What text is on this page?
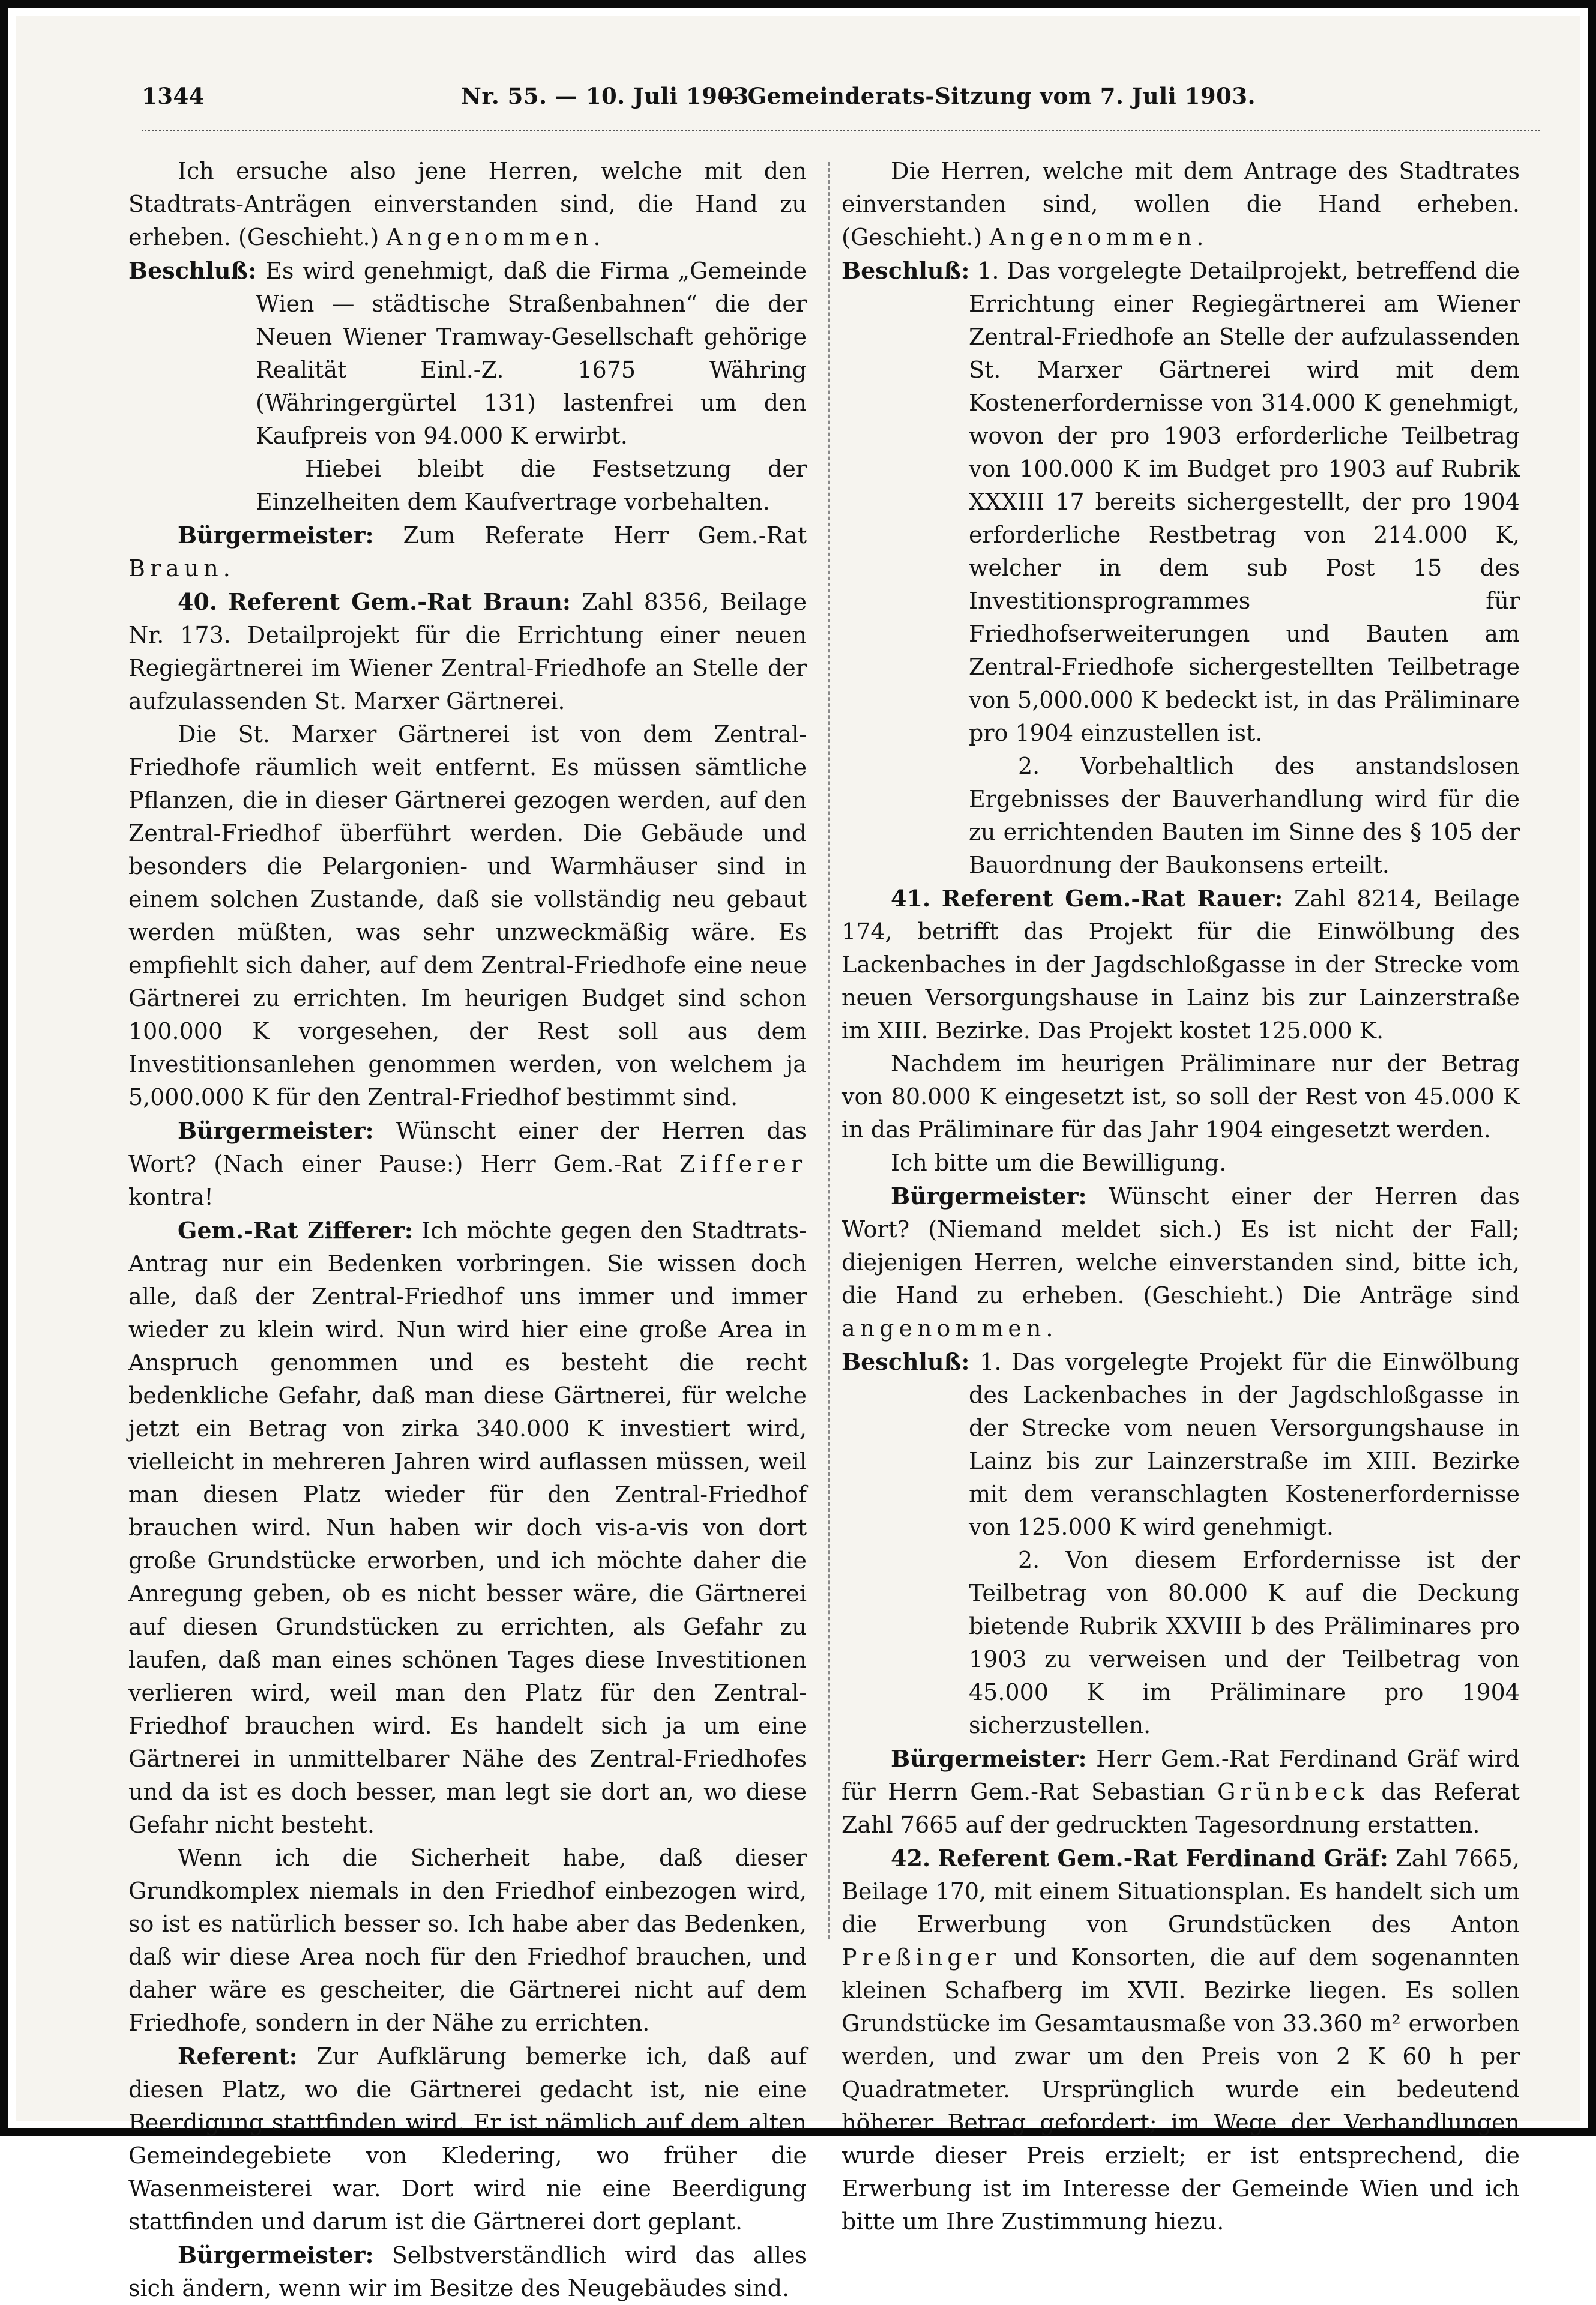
1344	Nr. 55. — 10. Juli 1903
— Gemeinderats-Sitzung vom 7. Juli 1903.

Ich ersuche also jene Herren, welche mit den Stadtrats-Anträgen einverstanden sind, die Hand zu erheben. (Geschieht.) Angenommen.

Beschluß: Es wird genehmigt, daß die Firma „Gemeinde Wien — städtische Straßenbahnen“ die der Neuen Wiener Tramway-Gesellschaft gehörige Realität Einl.-Z. 1675 Währing (Währingergürtel 131) lastenfrei um den Kaufpreis von 94.000 K erwirbt.

Hiebei bleibt die Festsetzung der Einzelheiten dem Kaufvertrage vorbehalten.

Bürgermeister: Zum Referate Herr Gem.-Rat Braun.

40. Referent Gem.-Rat Braun: Zahl 8356, Beilage Nr. 173. Detailprojekt für die Errichtung einer neuen Regiegärtnerei im Wiener Zentral-Friedhofe an Stelle der aufzulassenden St. Marxer Gärtnerei.

Die St. Marxer Gärtnerei ist von dem Zentral-Friedhofe räumlich weit entfernt. Es müssen sämtliche Pflanzen, die in dieser Gärtnerei gezogen werden, auf den Zentral-Friedhof überführt werden. Die Gebäude und besonders die Pelargonien- und Warmhäuser sind in einem solchen Zustande, daß sie vollständig neu gebaut werden müßten, was sehr unzweckmäßig wäre. Es empfiehlt sich daher, auf dem Zentral-Friedhofe eine neue Gärtnerei zu errichten. Im heurigen Budget sind schon 100.000 K vorgesehen, der Rest soll aus dem Investitionsanlehen genommen werden, von welchem ja 5,000.000 K für den Zentral-Friedhof bestimmt sind.

Bürgermeister: Wünscht einer der Herren das Wort? (Nach einer Pause:) Herr Gem.-Rat Zifferer kontra!

Gem.-Rat Zifferer: Ich möchte gegen den Stadtrats-Antrag nur ein Bedenken vorbringen. Sie wissen doch alle, daß der Zentral-Friedhof uns immer und immer wieder zu klein wird. Nun wird hier eine große Area in Anspruch genommen und es besteht die recht bedenkliche Gefahr, daß man diese Gärtnerei, für welche jetzt ein Betrag von zirka 340.000 K investiert wird, vielleicht in mehreren Jahren wird auflassen müssen, weil man diesen Platz wieder für den Zentral-Friedhof brauchen wird. Nun haben wir doch vis-a-vis von dort große Grundstücke erworben, und ich möchte daher die Anregung geben, ob es nicht besser wäre, die Gärtnerei auf diesen Grundstücken zu errichten, als Gefahr zu laufen, daß man eines schönen Tages diese Investitionen verlieren wird, weil man den Platz für den Zentral-Friedhof brauchen wird. Es handelt sich ja um eine Gärtnerei in unmittelbarer Nähe des Zentral-Friedhofes und da ist es doch besser, man legt sie dort an, wo diese Gefahr nicht besteht.

Wenn ich die Sicherheit habe, daß dieser Grundkomplex niemals in den Friedhof einbezogen wird, so ist es natürlich besser so. Ich habe aber das Bedenken, daß wir diese Area noch für den Friedhof brauchen, und daher wäre es gescheiter, die Gärtnerei nicht auf dem Friedhofe, sondern in der Nähe zu errichten.

Referent: Zur Aufklärung bemerke ich, daß auf diesen Platz, wo die Gärtnerei gedacht ist, nie eine Beerdigung stattfinden wird. Er ist nämlich auf dem alten Gemeindegebiete von Kledering, wo früher die Wasenmeisterei war. Dort wird nie eine Beerdigung stattfinden und darum ist die Gärtnerei dort geplant.

Bürgermeister: Selbstverständlich wird das alles sich ändern, wenn wir im Besitze des Neugebäudes sind.

Die Herren, welche mit dem Antrage des Stadtrates einverstanden sind, wollen die Hand erheben. (Geschieht.) Angenommen.

Beschluß: 1. Das vorgelegte Detailprojekt, betreffend die Errichtung einer Regiegärtnerei am Wiener Zentral-Friedhofe an Stelle der aufzulassenden St. Marxer Gärtnerei wird mit dem Kostenerfordernisse von 314.000 K genehmigt, wovon der pro 1903 erforderliche Teilbetrag von 100.000 K im Budget pro 1903 auf Rubrik XXXIII 17 bereits sichergestellt, der pro 1904 erforderliche Restbetrag von 214.000 K, welcher in dem sub Post 15 des Investitionsprogrammes für Friedhofserweiterungen und Bauten am Zentral-Friedhofe sichergestellten Teilbetrage von 5,000.000 K bedeckt ist, in das Präliminare pro 1904 einzustellen ist.

2. Vorbehaltlich des anstandslosen Ergebnisses der Bauverhandlung wird für die zu errichtenden Bauten im Sinne des § 105 der Bauordnung der Baukonsens erteilt.

41. Referent Gem.-Rat Rauer: Zahl 8214, Beilage 174, betrifft das Projekt für die Einwölbung des Lackenbaches in der Jagdschloßgasse in der Strecke vom neuen Versorgungshause in Lainz bis zur Lainzerstraße im XIII. Bezirke. Das Projekt kostet 125.000 K.

Nachdem im heurigen Präliminare nur der Betrag von 80.000 K eingesetzt ist, so soll der Rest von 45.000 K in das Präliminare für das Jahr 1904 eingesetzt werden.

Ich bitte um die Bewilligung.

Bürgermeister: Wünscht einer der Herren das Wort? (Niemand meldet sich.) Es ist nicht der Fall; diejenigen Herren, welche einverstanden sind, bitte ich, die Hand zu erheben. (Geschieht.) Die Anträge sind angenommen.

Beschluß: 1. Das vorgelegte Projekt für die Einwölbung des Lackenbaches in der Jagdschloßgasse in der Strecke vom neuen Versorgungshause in Lainz bis zur Lainzerstraße im XIII. Bezirke mit dem veranschlagten Kostenerfordernisse von 125.000 K wird genehmigt.

2. Von diesem Erfordernisse ist der Teilbetrag von 80.000 K auf die Deckung bietende Rubrik XXVIII b des Präliminares pro 1903 zu verweisen und der Teilbetrag von 45.000 K im Präliminare pro 1904 sicherzustellen.

Bürgermeister: Herr Gem.-Rat Ferdinand Gräf wird für Herrn Gem.-Rat Sebastian Grünbeck das Referat Zahl 7665 auf der gedruckten Tagesordnung erstatten.

42. Referent Gem.-Rat Ferdinand Gräf: Zahl 7665, Beilage 170, mit einem Situationsplan. Es handelt sich um die Erwerbung von Grundstücken des Anton Preßinger und Konsorten, die auf dem sogenannten kleinen Schafberg im XVII. Bezirke liegen. Es sollen Grundstücke im Gesamtausmaße von 33.360 m² erworben werden, und zwar um den Preis von 2 K 60 h per Quadratmeter. Ursprünglich wurde ein bedeutend höherer Betrag gefordert; im Wege der Verhandlungen wurde dieser Preis erzielt; er ist entsprechend, die Erwerbung ist im Interesse der Gemeinde Wien und ich bitte um Ihre Zustimmung hiezu.
